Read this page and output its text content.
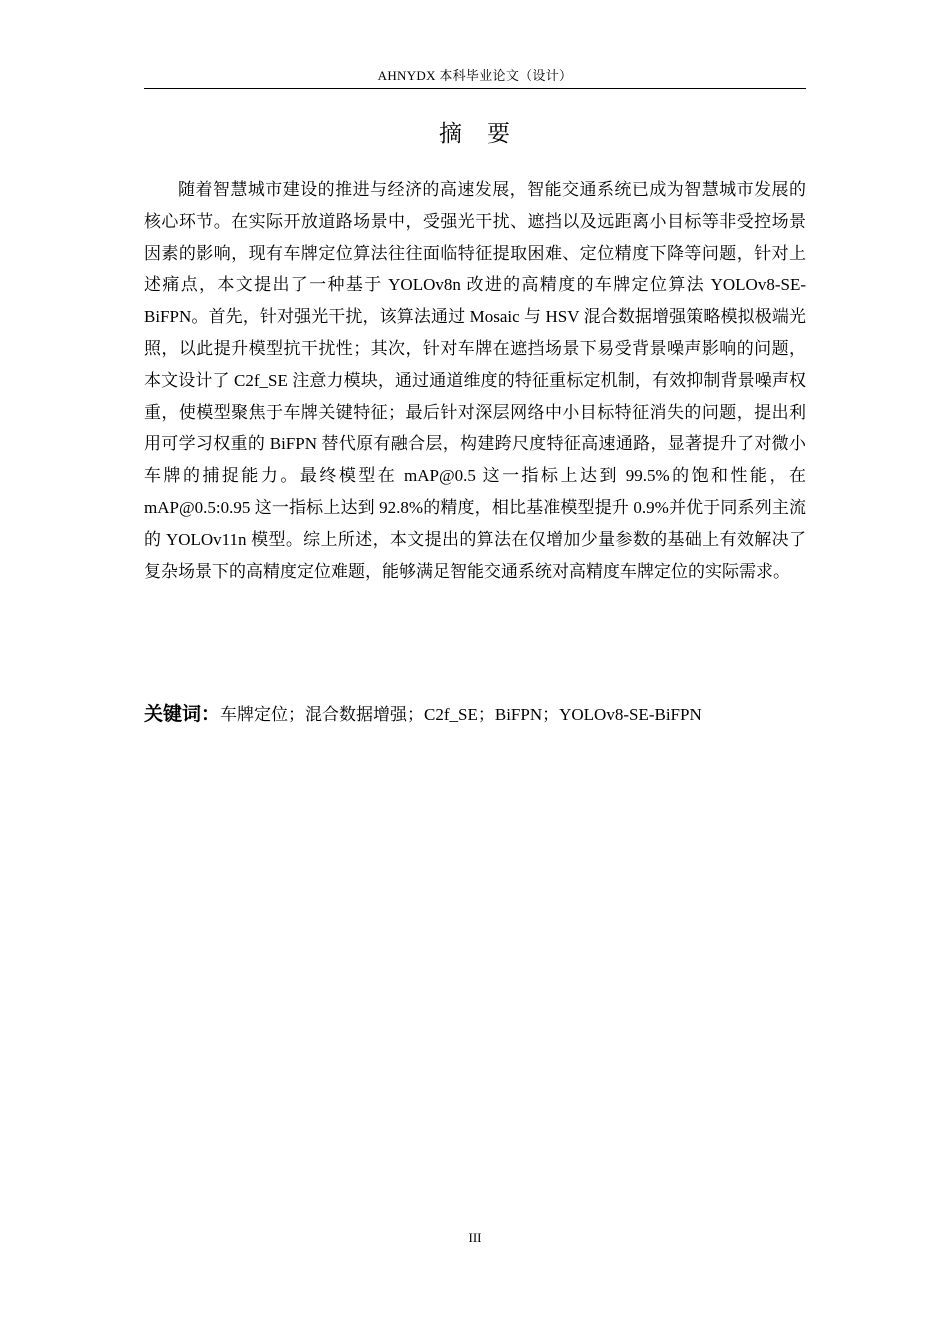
AHNYDX 本科毕业论文（设计）
摘　要

随着智慧城市建设的推进与经济的高速发展，智能交通系统已成为智慧城市发展的核心环节。在实际开放道路场景中，受强光干扰、遮挡以及远距离小目标等非受控场景因素的影响，现有车牌定位算法往往面临特征提取困难、定位精度下降等问题，针对上述痛点，本文提出了一种基于 YOLOv8n 改进的高精度的车牌定位算法 YOLOv8-SE-BiFPN。首先，针对强光干扰，该算法通过 Mosaic 与 HSV 混合数据增强策略模拟极端光照，以此提升模型抗干扰性；其次，针对车牌在遮挡场景下易受背景噪声影响的问题，本文设计了 C2f_SE 注意力模块，通过通道维度的特征重标定机制，有效抑制背景噪声权重，使模型聚焦于车牌关键特征；最后针对深层网络中小目标特征消失的问题，提出利用可学习权重的 BiFPN 替代原有融合层，构建跨尺度特征高速通路，显著提升了对微小车牌的捕捉能力。最终模型在 mAP@0.5 这一指标上达到 99.5%的饱和性能，在 mAP@0.5:0.95 这一指标上达到 92.8%的精度，相比基准模型提升 0.9%并优于同系列主流的 YOLOv11n 模型。综上所述，本文提出的算法在仅增加少量参数的基础上有效解决了复杂场景下的高精度定位难题，能够满足智能交通系统对高精度车牌定位的实际需求。

关键词：车牌定位；混合数据增强；C2f_SE；BiFPN；YOLOv8-SE-BiFPN
III
